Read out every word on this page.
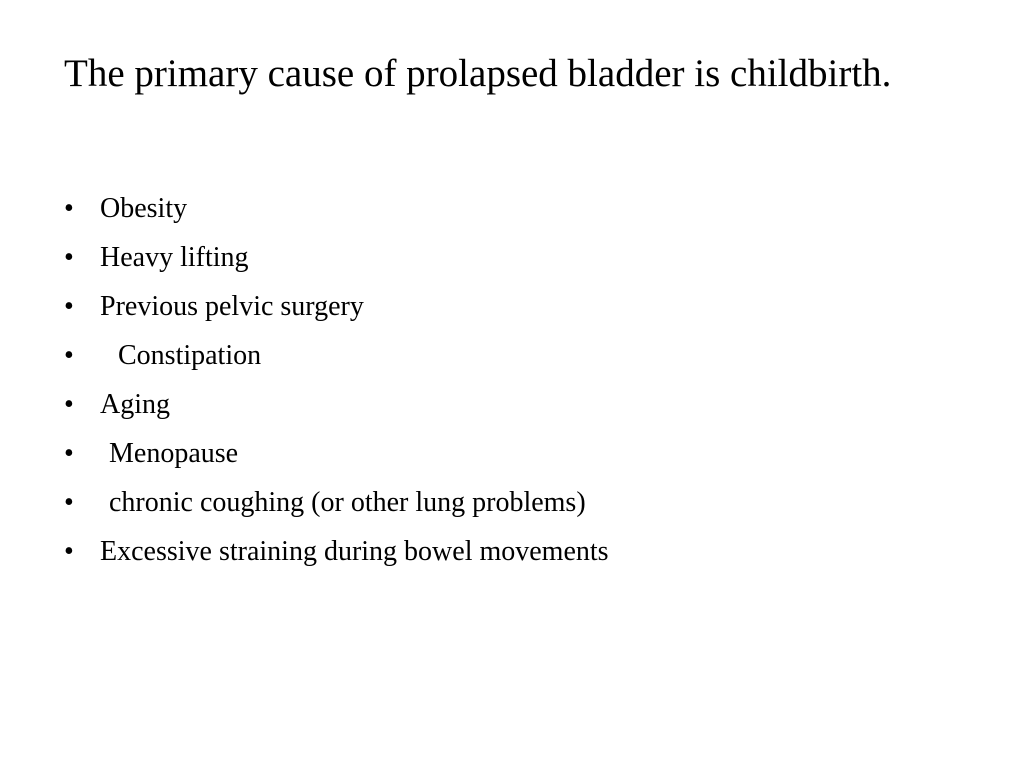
The primary cause of prolapsed bladder is childbirth.
• Obesity
• Heavy lifting
• Previous pelvic surgery
•	Constipation
• Aging
•	Menopause
•	chronic coughing (or other lung problems)
• Excessive straining during bowel movements
